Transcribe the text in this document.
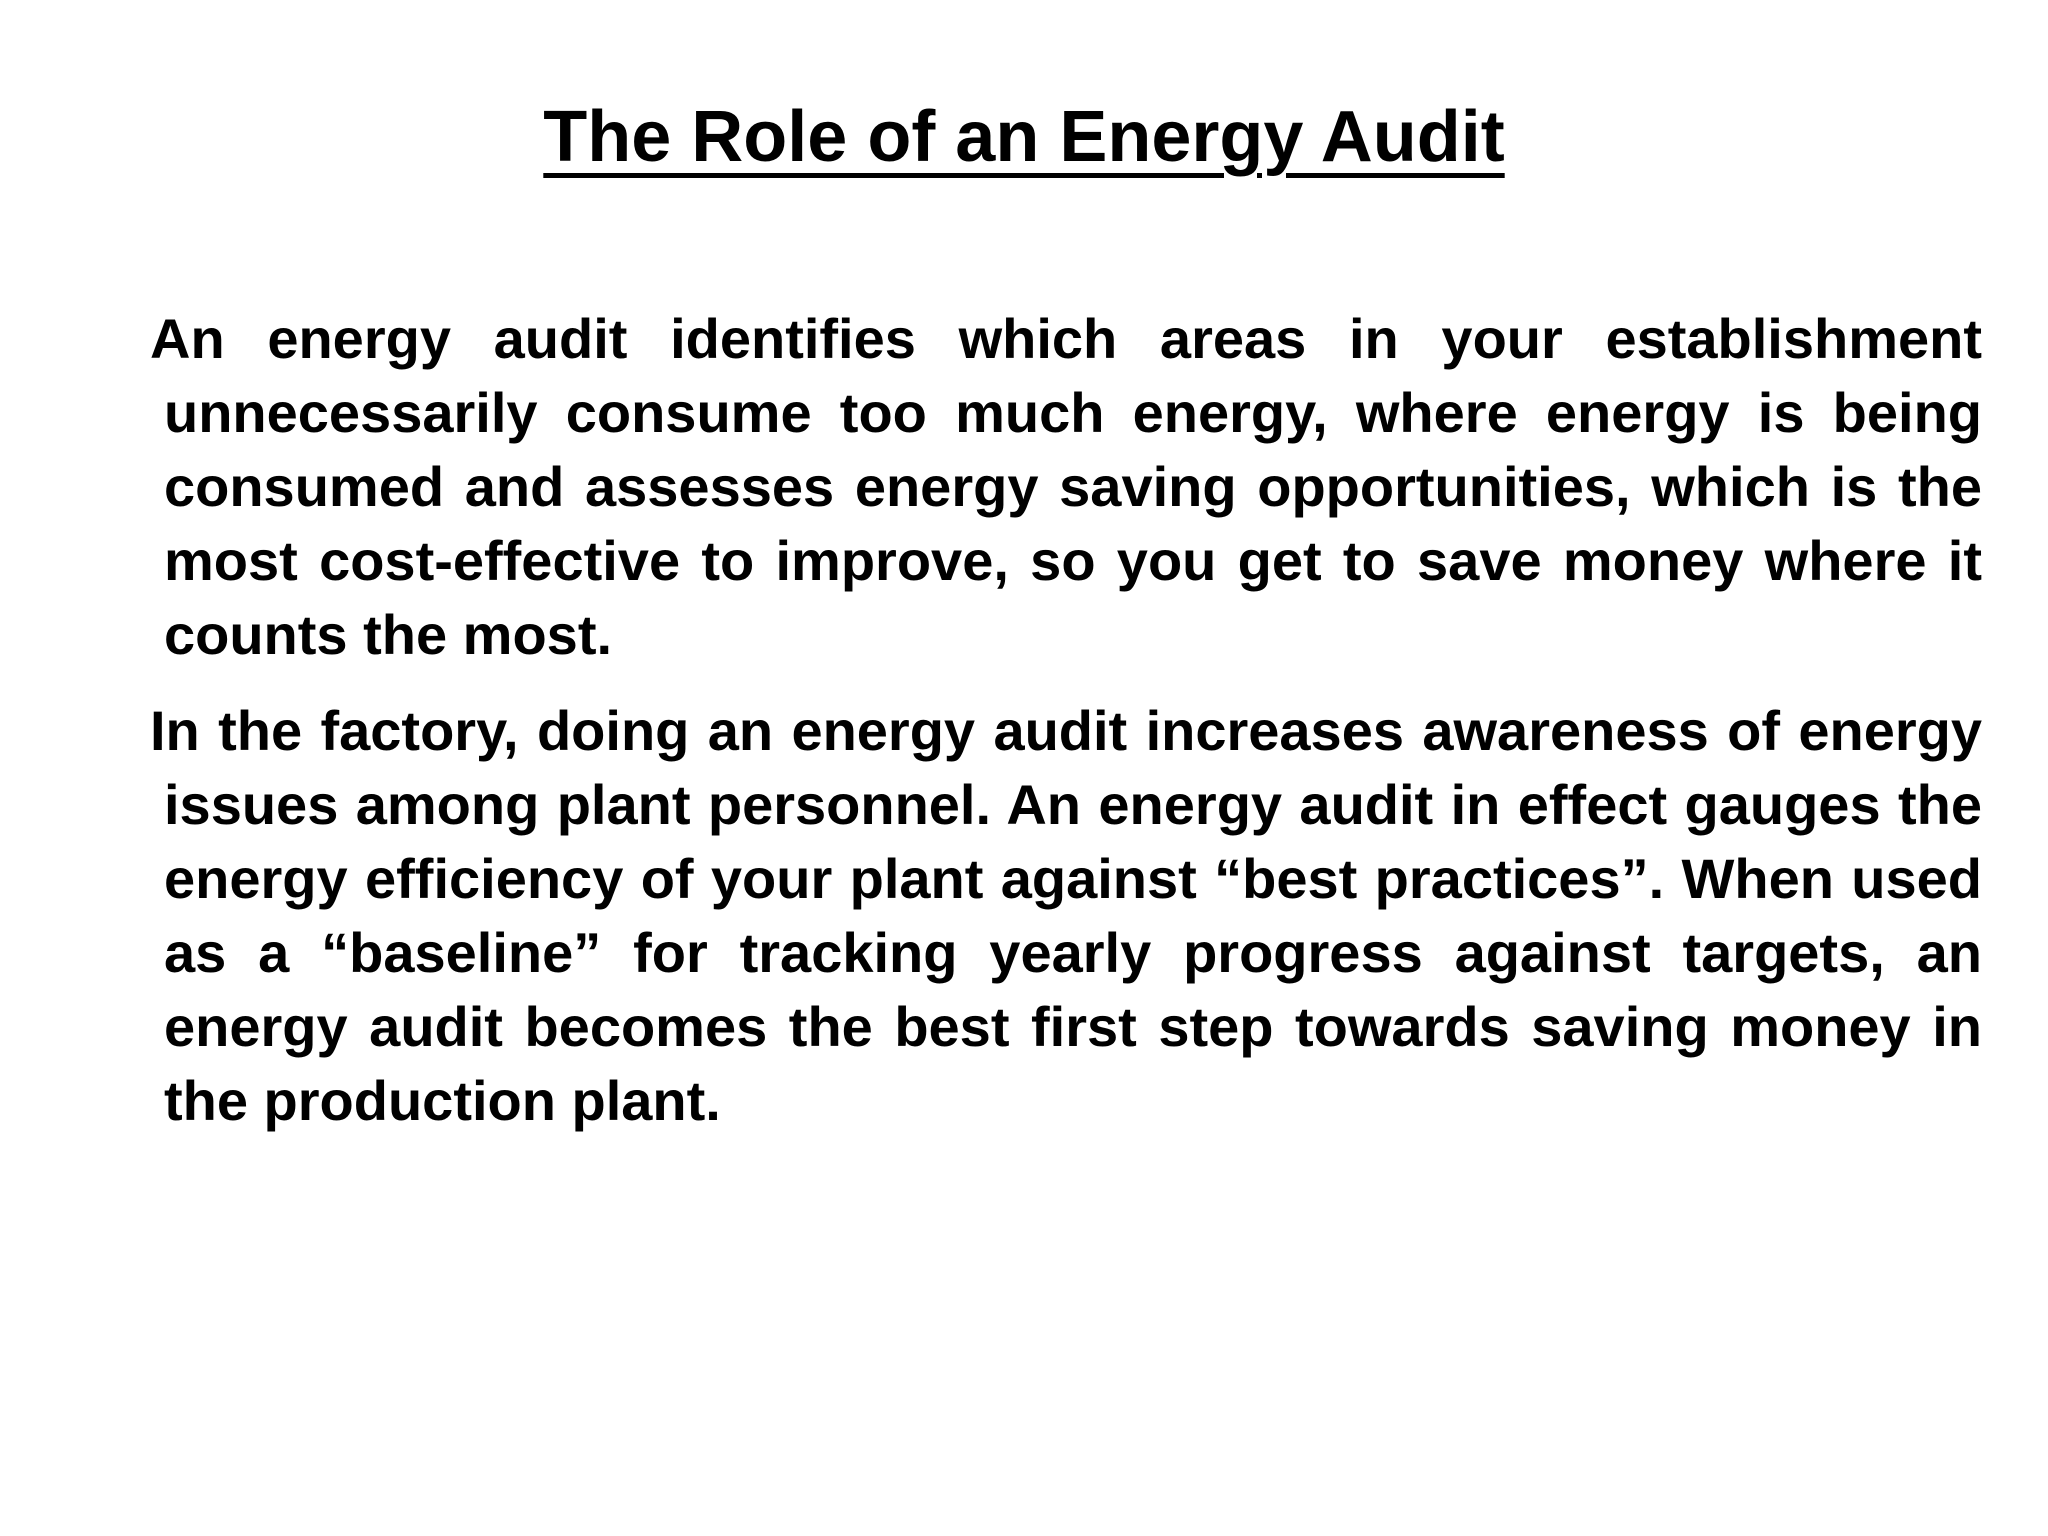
The Role of an Energy Audit

An energy audit identifies which areas in your establishment unnecessarily consume too much energy, where energy is being consumed and assesses energy saving opportunities, which is the most cost-effective to improve, so you get to save money where it counts the most.

In the factory, doing an energy audit increases awareness of energy issues among plant personnel. An energy audit in effect gauges the energy efficiency of your plant against “best practices”. When used as a “baseline” for tracking yearly progress against targets, an energy audit becomes the best first step towards saving money in the production plant.
